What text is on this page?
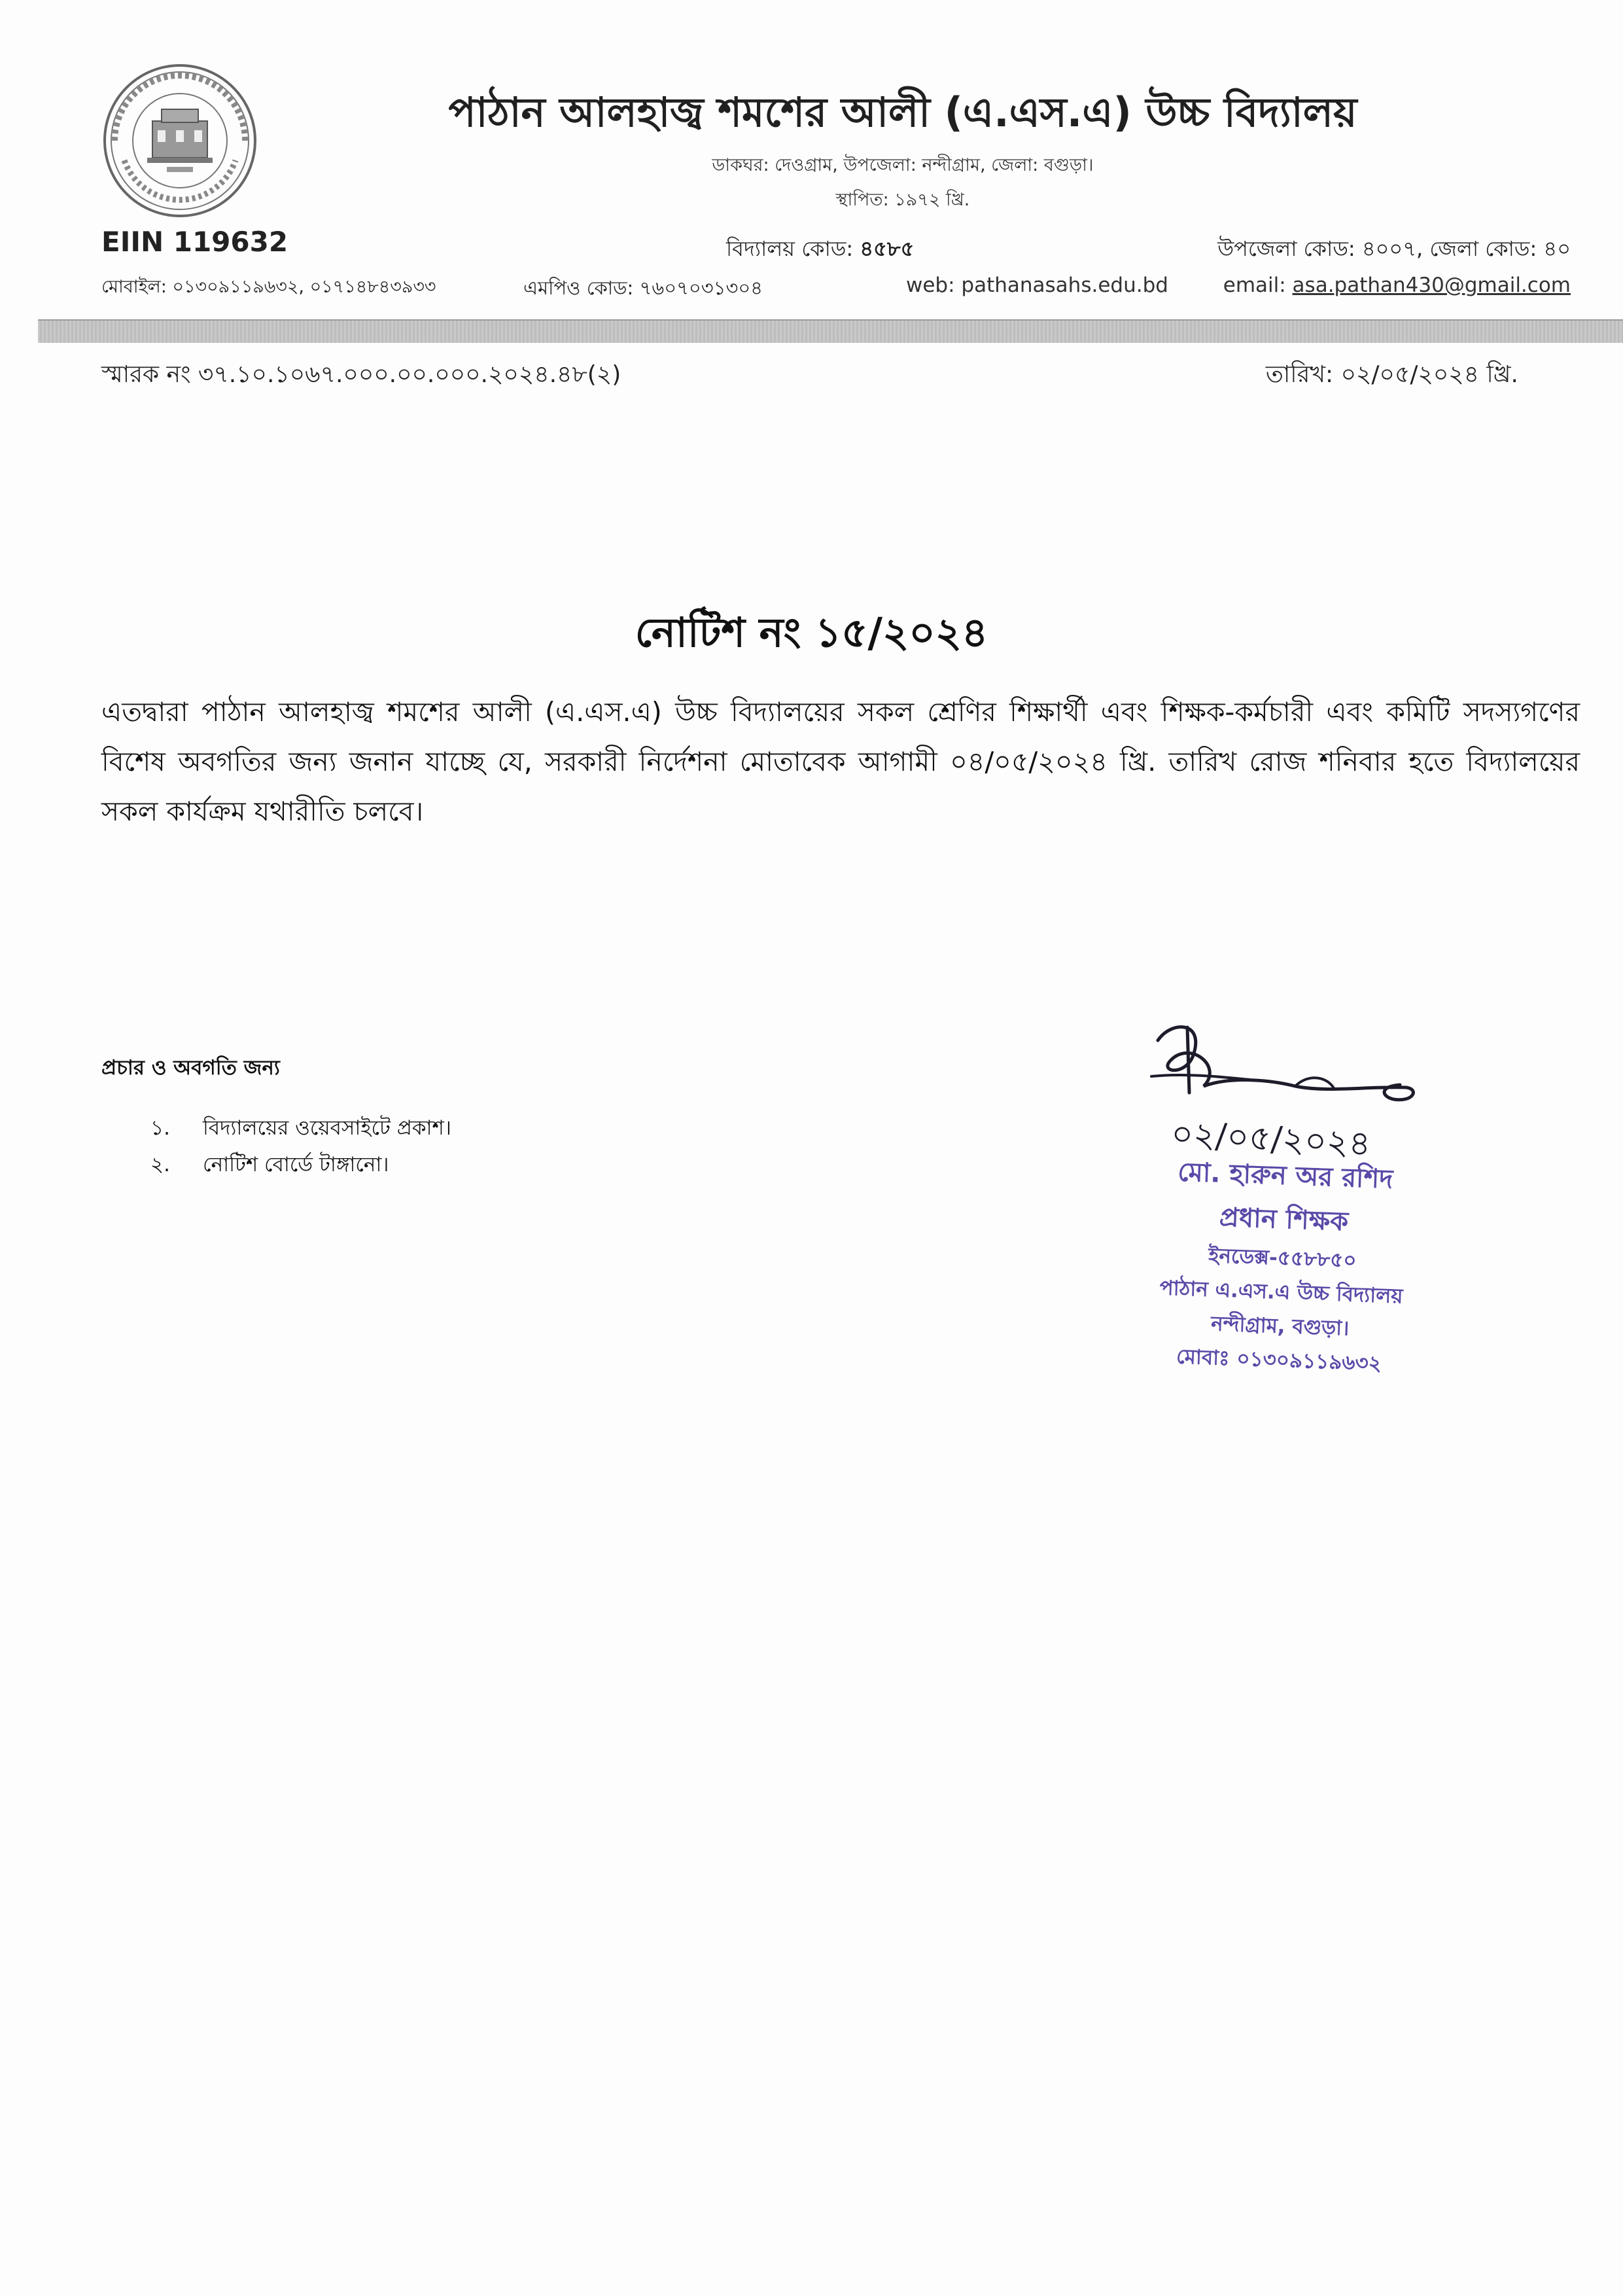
পাঠান আলহাজ্ব শমশের আলী (এ.এস.এ) উচ্চ বিদ্যালয়
ডাকঘর: দেওগ্রাম, উপজেলা: নন্দীগ্রাম, জেলা: বগুড়া।
স্থাপিত: ১৯৭২ খ্রি.
EIIN 119632	বিদ্যালয় কোড: ৪৫৮৫	উপজেলা কোড: ৪০০৭, জেলা কোড: ৪০
মোবাইল: ০১৩০৯১১৯৬৩২, ০১৭১৪৮৪৩৯৩৩	এমপিও কোড: ৭৬০৭০৩১৩০৪	web: pathanasahs.edu.bd	email: asa.pathan430@gmail.com
স্মারক নং ৩৭.১০.১০৬৭.০০০.০০.০০০.২০২৪.৪৮(২)	তারিখ: ০২/০৫/২০২৪ খ্রি.
নোটিশ নং ১৫/২০২৪
এতদ্বারা পাঠান আলহাজ্ব শমশের আলী (এ.এস.এ) উচ্চ বিদ্যালয়ের সকল শ্রেণির শিক্ষার্থী এবং শিক্ষক-কর্মচারী এবং কমিটি সদস্যগণের বিশেষ অবগতির জন্য জনান যাচ্ছে যে, সরকারী নির্দেশনা মোতাবেক আগামী ০৪/০৫/২০২৪ খ্রি. তারিখ রোজ শনিবার হতে বিদ্যালয়ের সকল কার্যক্রম যথারীতি চলবে।
প্রচার ও অবগতি জন্য
১.	বিদ্যালয়ের ওয়েবসাইটে প্রকাশ।
২.	নোটিশ বোর্ডে টাঙ্গানো।
০২/০৫/২০২৪
মো. হারুন অর রশিদ
প্রধান শিক্ষক
ইনডেক্স-৫৫৮৮৫০
পাঠান এ.এস.এ উচ্চ বিদ্যালয়
নন্দীগ্রাম, বগুড়া।
মোবাঃ ০১৩০৯১১৯৬৩২
